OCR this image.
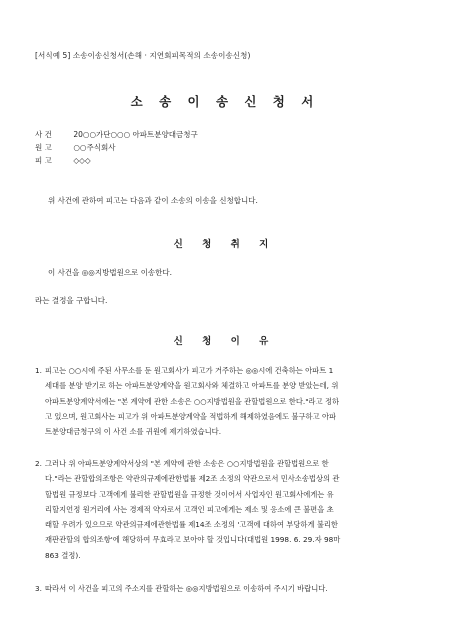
[서식예 5] 소송이송신청서(손해 · 지연회피목적의 소송이송신청)
소 송 이 송 신 청 서
사 건	20○○가단○○○ 아파트분양대금청구
원 고	○○주식회사
피 고	◇◇◇
위 사건에 관하여 피고는 다음과 같이 소송의 이송을 신청합니다.
신 청 취 지
이 사건을 ◎◎지방법원으로 이송한다.
라는 결정을 구합니다.
신 청 이 유
1. 피고는 ○○시에 주된 사무소를 둔 원고회사가 피고가 거주하는 ◎◎시에 건축하는 아파트 1
세대를 분양 받기로 하는 아파트분양계약을 원고회사와 체결하고 아파트를 분양 받았는데, 위
아파트분양계약서에는 "본 계약에 관한 소송은 ○○지방법원을 관할법원으로 한다."라고 정하
고 있으며, 원고회사는 피고가 위 아파트분양계약을 적법하게 해제하였음에도 불구하고 아파
트분양대금청구의 이 사건 소를 귀원에 제기하였습니다.
2. 그러나 위 아파트분양계약서상의 "본 계약에 관한 소송은 ○○지방법원을 관할법원으로 한
다."라는 관할합의조항은 약관의규제에관한법률 제2조 소정의 약관으로서 민사소송법상의 관
할법원 규정보다 고객에게 불리한 관할법원을 규정한 것이어서 사업자인 원고회사에게는 유
리할지언정 원거리에 사는 경제적 약자로서 고객인 피고에게는 제소 및 응소에 큰 불편을 초
래할 우려가 있으므로 약관의규제에관한법률 제14조 소정의 '고객에 대하여 부당하게 불리한
재판관할의 합의조항'에 해당하여 무효라고 보아야 할 것입니다(대법원 1998. 6. 29.자 98마
863 결정).
3. 따라서 이 사건을 피고의 주소지를 관할하는 ◎◎지방법원으로 이송하여 주시기 바랍니다.
